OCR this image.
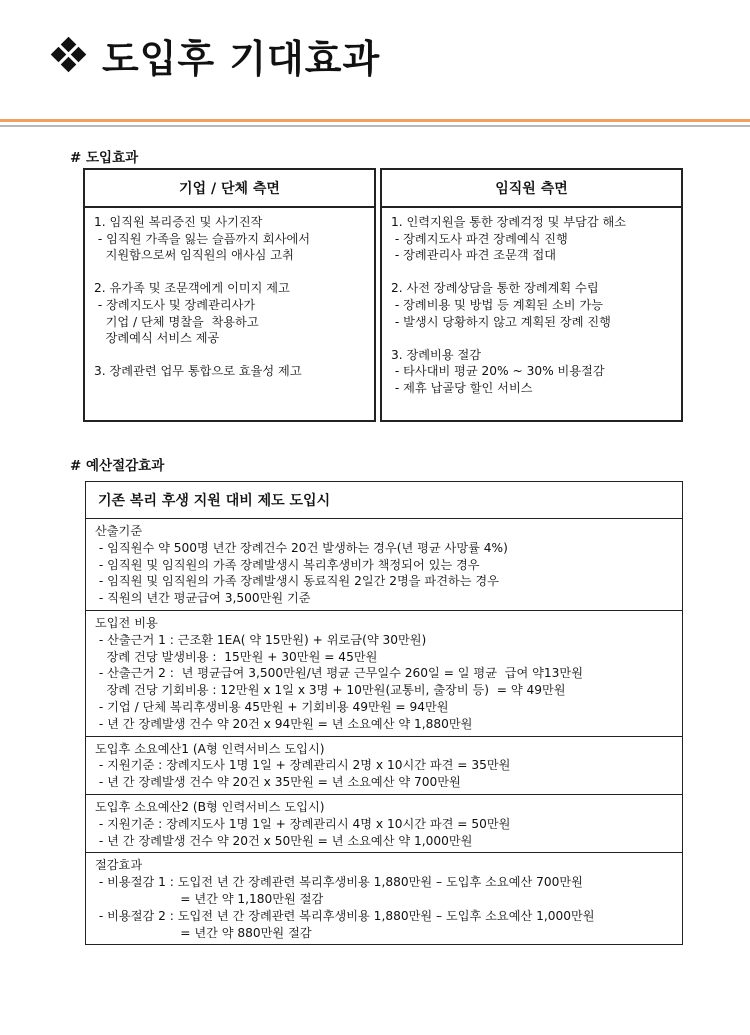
도입후 기대효과
# 도입효과
기업 / 단체 측면
1. 임직원 복리증진 및 사기진작
- 임직원 가족을 잃는 슬픔까지 회사에서
지원함으로써 임직원의 애사심 고취
2. 유가족 및 조문객에게 이미지 제고
- 장례지도사 및 장례관리사가
기업 / 단체 명찰을  착용하고
장례예식 서비스 제공
3. 장례관련 업무 통합으로 효율성 제고
임직원 측면
1. 인력지원을 통한 장례걱정 및 부담감 해소
- 장례지도사 파견 장례예식 진행
- 장례관리사 파견 조문객 접대
2. 사전 장례상담을 통한 장례계획 수립
- 장례비용 및 방법 등 계획된 소비 가능
- 발생시 당황하지 않고 계획된 장례 진행
3. 장례비용 절감
- 타사대비 평균 20% ~ 30% 비용절감
- 제휴 납골당 할인 서비스
# 예산절감효과
기존 복리 후생 지원 대비 제도 도입시
산출기준
- 임직원수 약 500명 년간 장례건수 20건 발생하는 경우(년 평균 사망률 4%)
- 임직원 및 임직원의 가족 장례발생시 복리후생비가 책정되어 있는 경우
- 임직원 및 임직원의 가족 장례발생시 동료직원 2일간 2명을 파견하는 경우
- 직원의 년간 평균급여 3,500만원 기준
도입전 비용
- 산출근거 1 : 근조환 1EA( 약 15만원) + 위로금(약 30만원)
장례 건당 발생비용 :  15만원 + 30만원 = 45만원
- 산출근거 2 :  년 평균급여 3,500만원/년 평균 근무일수 260일 = 일 평균  급여 약13만원
장례 건당 기회비용 : 12만원 x 1일 x 3명 + 10만원(교통비, 출장비 등)  = 약 49만원
- 기업 / 단체 복리후생비용 45만원 + 기회비용 49만원 = 94만원
- 년 간 장례발생 건수 약 20건 x 94만원 = 년 소요예산 약 1,880만원
도입후 소요예산1 (A형 인력서비스 도입시)
- 지원기준 : 장례지도사 1명 1일 + 장례관리시 2명 x 10시간 파견 = 35만원
- 년 간 장례발생 건수 약 20건 x 35만원 = 년 소요예산 약 700만원
도입후 소요예산2 (B형 인력서비스 도입시)
- 지원기준 : 장례지도사 1명 1일 + 장례관리시 4명 x 10시간 파견 = 50만원
- 년 간 장례발생 건수 약 20건 x 50만원 = 년 소요예산 약 1,000만원
절감효과
- 비용절감 1 : 도입전 년 간 장례관련 복리후생비용 1,880만원 – 도입후 소요예산 700만원
= 년간 약 1,180만원 절감
- 비용절감 2 : 도입전 년 간 장례관련 복리후생비용 1,880만원 – 도입후 소요예산 1,000만원
= 년간 약 880만원 절감
